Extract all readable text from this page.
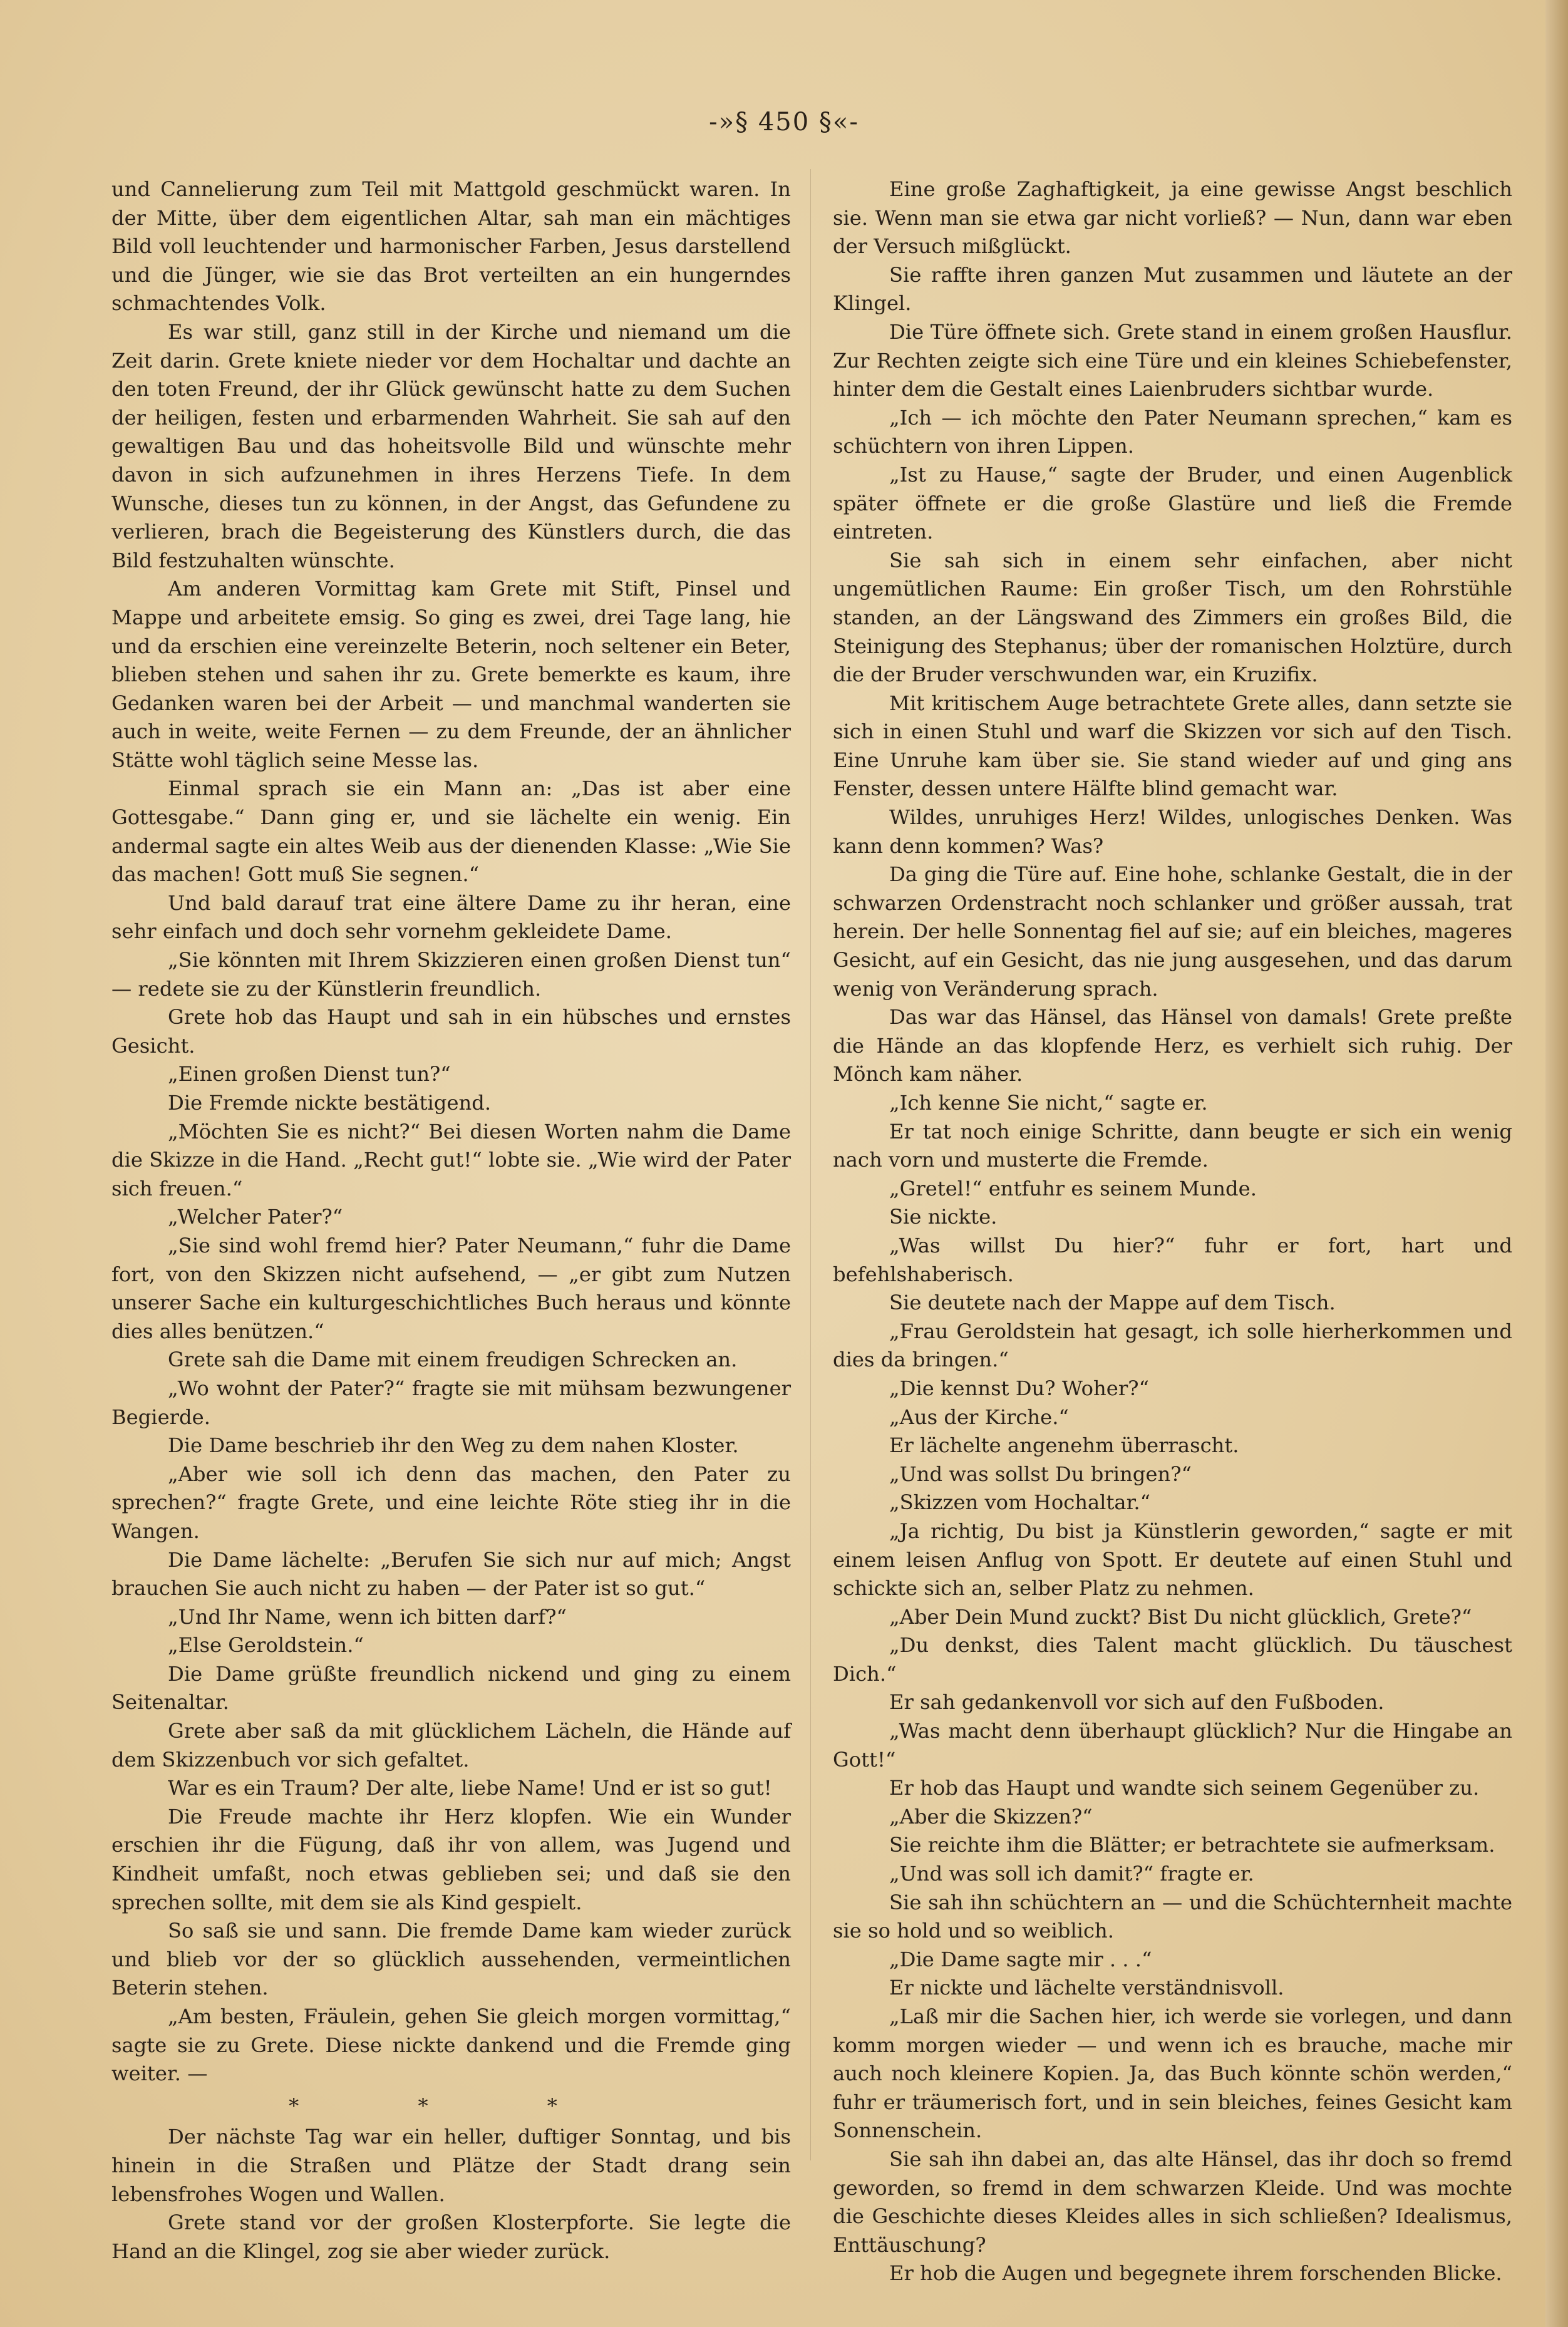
-»§ 450 §«-

und Cannelierung zum Teil mit Mattgold geschmückt waren. In der Mitte, über dem eigentlichen Altar, sah man ein mächtiges Bild voll leuchtender und harmonischer Farben, Jesus darstellend und die Jünger, wie sie das Brot verteilten an ein hungerndes schmachtendes Volk.

Es war still, ganz still in der Kirche und niemand um die Zeit darin. Grete kniete nieder vor dem Hochaltar und dachte an den toten Freund, der ihr Glück gewünscht hatte zu dem Suchen der heiligen, festen und erbarmenden Wahrheit. Sie sah auf den gewaltigen Bau und das hoheitsvolle Bild und wünschte mehr davon in sich aufzunehmen in ihres Herzens Tiefe. In dem Wunsche, dieses tun zu können, in der Angst, das Gefundene zu verlieren, brach die Begeisterung des Künstlers durch, die das Bild festzuhalten wünschte.

Am anderen Vormittag kam Grete mit Stift, Pinsel und Mappe und arbeitete emsig. So ging es zwei, drei Tage lang, hie und da erschien eine vereinzelte Beterin, noch seltener ein Beter, blieben stehen und sahen ihr zu. Grete bemerkte es kaum, ihre Gedanken waren bei der Arbeit — und manchmal wanderten sie auch in weite, weite Fernen — zu dem Freunde, der an ähnlicher Stätte wohl täglich seine Messe las.

Einmal sprach sie ein Mann an: „Das ist aber eine Gottesgabe.“ Dann ging er, und sie lächelte ein wenig. Ein andermal sagte ein altes Weib aus der dienenden Klasse: „Wie Sie das machen! Gott muß Sie segnen.“

Und bald darauf trat eine ältere Dame zu ihr heran, eine sehr einfach und doch sehr vornehm gekleidete Dame.

„Sie könnten mit Ihrem Skizzieren einen großen Dienst tun“ — redete sie zu der Künstlerin freundlich.

Grete hob das Haupt und sah in ein hübsches und ernstes Gesicht.

„Einen großen Dienst tun?“

Die Fremde nickte bestätigend.

„Möchten Sie es nicht?“ Bei diesen Worten nahm die Dame die Skizze in die Hand. „Recht gut!“ lobte sie. „Wie wird der Pater sich freuen.“

„Welcher Pater?“

„Sie sind wohl fremd hier? Pater Neumann,“ fuhr die Dame fort, von den Skizzen nicht aufsehend, — „er gibt zum Nutzen unserer Sache ein kulturgeschichtliches Buch heraus und könnte dies alles benützen.“

Grete sah die Dame mit einem freudigen Schrecken an.

„Wo wohnt der Pater?“ fragte sie mit mühsam bezwungener Begierde.

Die Dame beschrieb ihr den Weg zu dem nahen Kloster.

„Aber wie soll ich denn das machen, den Pater zu sprechen?“ fragte Grete, und eine leichte Röte stieg ihr in die Wangen.

Die Dame lächelte: „Berufen Sie sich nur auf mich; Angst brauchen Sie auch nicht zu haben — der Pater ist so gut.“

„Und Ihr Name, wenn ich bitten darf?“

„Else Geroldstein.“

Die Dame grüßte freundlich nickend und ging zu einem Seitenaltar.

Grete aber saß da mit glücklichem Lächeln, die Hände auf dem Skizzenbuch vor sich gefaltet.

War es ein Traum? Der alte, liebe Name! Und er ist so gut!

Die Freude machte ihr Herz klopfen. Wie ein Wunder erschien ihr die Fügung, daß ihr von allem, was Jugend und Kindheit umfaßt, noch etwas geblieben sei; und daß sie den sprechen sollte, mit dem sie als Kind gespielt.

So saß sie und sann. Die fremde Dame kam wieder zurück und blieb vor der so glücklich aussehenden, vermeintlichen Beterin stehen.

„Am besten, Fräulein, gehen Sie gleich morgen vormittag,“ sagte sie zu Grete. Diese nickte dankend und die Fremde ging weiter. —

* * *

Der nächste Tag war ein heller, duftiger Sonntag, und bis hinein in die Straßen und Plätze der Stadt drang sein lebensfrohes Wogen und Wallen.

Grete stand vor der großen Klosterpforte. Sie legte die Hand an die Klingel, zog sie aber wieder zurück.

Eine große Zaghaftigkeit, ja eine gewisse Angst beschlich sie. Wenn man sie etwa gar nicht vorließ? — Nun, dann war eben der Versuch mißglückt.

Sie raffte ihren ganzen Mut zusammen und läutete an der Klingel.

Die Türe öffnete sich. Grete stand in einem großen Hausflur. Zur Rechten zeigte sich eine Türe und ein kleines Schiebefenster, hinter dem die Gestalt eines Laienbruders sichtbar wurde.

„Ich — ich möchte den Pater Neumann sprechen,“ kam es schüchtern von ihren Lippen.

„Ist zu Hause,“ sagte der Bruder, und einen Augenblick später öffnete er die große Glastüre und ließ die Fremde eintreten.

Sie sah sich in einem sehr einfachen, aber nicht ungemütlichen Raume: Ein großer Tisch, um den Rohrstühle standen, an der Längswand des Zimmers ein großes Bild, die Steinigung des Stephanus; über der romanischen Holztüre, durch die der Bruder verschwunden war, ein Kruzifix.

Mit kritischem Auge betrachtete Grete alles, dann setzte sie sich in einen Stuhl und warf die Skizzen vor sich auf den Tisch. Eine Unruhe kam über sie. Sie stand wieder auf und ging ans Fenster, dessen untere Hälfte blind gemacht war.

Wildes, unruhiges Herz! Wildes, unlogisches Denken. Was kann denn kommen? Was?

Da ging die Türe auf. Eine hohe, schlanke Gestalt, die in der schwarzen Ordenstracht noch schlanker und größer aussah, trat herein. Der helle Sonnentag fiel auf sie; auf ein bleiches, mageres Gesicht, auf ein Gesicht, das nie jung ausgesehen, und das darum wenig von Veränderung sprach.

Das war das Hänsel, das Hänsel von damals! Grete preßte die Hände an das klopfende Herz, es verhielt sich ruhig. Der Mönch kam näher.

„Ich kenne Sie nicht,“ sagte er.

Er tat noch einige Schritte, dann beugte er sich ein wenig nach vorn und musterte die Fremde.

„Gretel!“ entfuhr es seinem Munde.

Sie nickte.

„Was willst Du hier?“ fuhr er fort, hart und befehlshaberisch.

Sie deutete nach der Mappe auf dem Tisch.

„Frau Geroldstein hat gesagt, ich solle hierherkommen und dies da bringen.“

„Die kennst Du? Woher?“

„Aus der Kirche.“

Er lächelte angenehm überrascht.

„Und was sollst Du bringen?“

„Skizzen vom Hochaltar.“

„Ja richtig, Du bist ja Künstlerin geworden,“ sagte er mit einem leisen Anflug von Spott. Er deutete auf einen Stuhl und schickte sich an, selber Platz zu nehmen.

„Aber Dein Mund zuckt? Bist Du nicht glücklich, Grete?“

„Du denkst, dies Talent macht glücklich. Du täuschest Dich.“

Er sah gedankenvoll vor sich auf den Fußboden.

„Was macht denn überhaupt glücklich? Nur die Hingabe an Gott!“

Er hob das Haupt und wandte sich seinem Gegenüber zu.

„Aber die Skizzen?“

Sie reichte ihm die Blätter; er betrachtete sie aufmerksam.

„Und was soll ich damit?“ fragte er.

Sie sah ihn schüchtern an — und die Schüchternheit machte sie so hold und so weiblich.

„Die Dame sagte mir . . .“

Er nickte und lächelte verständnisvoll.

„Laß mir die Sachen hier, ich werde sie vorlegen, und dann komm morgen wieder — und wenn ich es brauche, mache mir auch noch kleinere Kopien. Ja, das Buch könnte schön werden,“ fuhr er träumerisch fort, und in sein bleiches, feines Gesicht kam Sonnenschein.

Sie sah ihn dabei an, das alte Hänsel, das ihr doch so fremd geworden, so fremd in dem schwarzen Kleide. Und was mochte die Geschichte dieses Kleides alles in sich schließen? Idealismus, Enttäuschung?

Er hob die Augen und begegnete ihrem forschenden Blicke.
